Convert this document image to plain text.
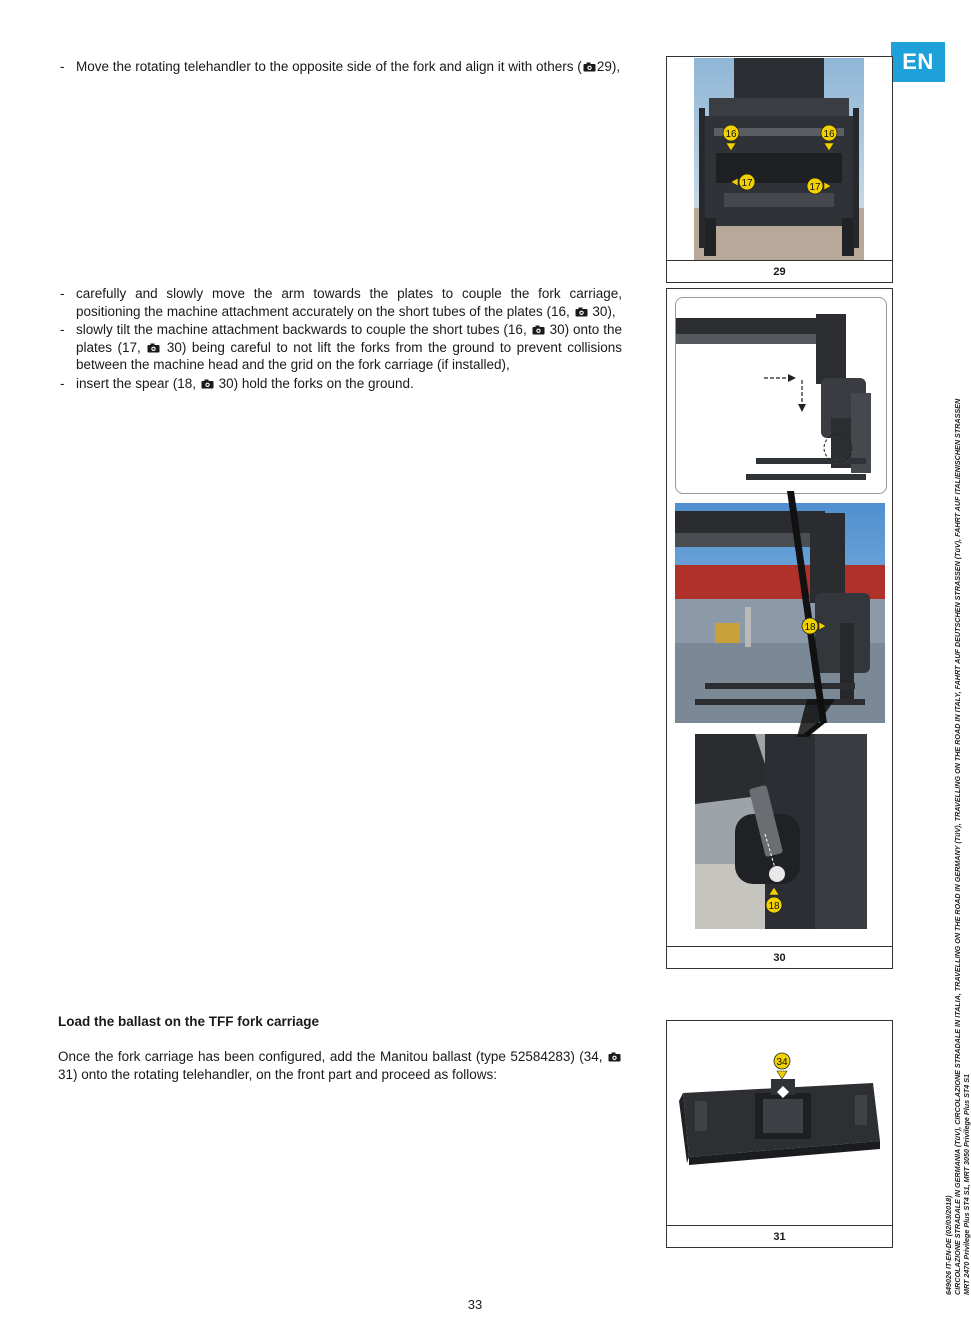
EN
- Move the rotating telehandler to the opposite side of the fork and align it with others ( 29),
- carefully and slowly move the arm towards the plates to couple the fork carriage, positioning the machine attachment accurately on the short tubes of the plates (16, 30),
- slowly tilt the machine attachment backwards to couple the short tubes (16, 30) onto the plates (17, 30) being careful to not lift the forks from the ground to prevent collisions between the machine head and the grid on the fork carriage (if installed),
- insert the spear (18, 30) hold the forks on the ground.
Load the ballast on the TFF fork carriage
Once the fork carriage has been configured, add the Manitou ballast (type 52584283) (34,  31) onto the rotating telehandler, on the front part and proceed as follows:
16	16
17	17
29
18
18
30
34
31	649026 IT-EN-DE (02/03/2018) CIRCOLAZIONE STRADALE IN GERMANIA (TüV), CIRCOLAZIONE STRADALE IN ITALIA, TRAVELLING ON THE ROAD IN GERMANY (TüV), TRAVELLING ON THE ROAD IN ITALY, FAHRT AUF DEUTSCHEN STRASSEN (TüV), FAHRT AUF ITALIENISCHEN STRASSEN MRT 2470 Privilege Plus ST4 S1, MRT 3050 Privilege Plus ST4 S1
33
